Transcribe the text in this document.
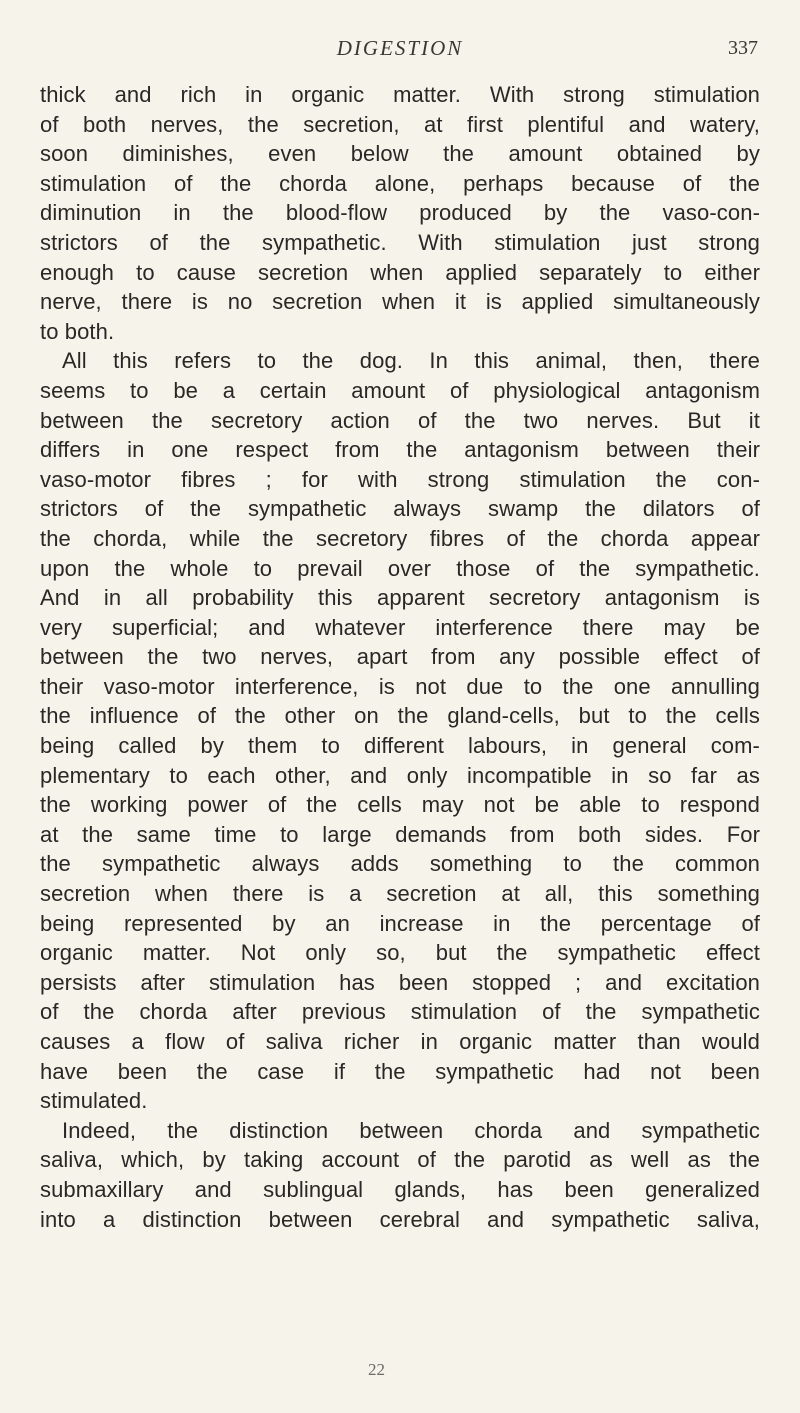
DIGESTION	337
thick and rich in organic matter. With strong stimulation
of both nerves, the secretion, at first plentiful and watery,
soon diminishes, even below the amount obtained by
stimulation of the chorda alone, perhaps because of the
diminution in the blood-flow produced by the vaso-con-
strictors of the sympathetic. With stimulation just strong
enough to cause secretion when applied separately to either
nerve, there is no secretion when it is applied simultaneously
to both.
All this refers to the dog. In this animal, then, there
seems to be a certain amount of physiological antagonism
between the secretory action of the two nerves. But it
differs in one respect from the antagonism between their
vaso-motor fibres ; for with strong stimulation the con-
strictors of the sympathetic always swamp the dilators of
the chorda, while the secretory fibres of the chorda appear
upon the whole to prevail over those of the sympathetic.
And in all probability this apparent secretory antagonism is
very superficial; and whatever interference there may be
between the two nerves, apart from any possible effect of
their vaso-motor interference, is not due to the one annulling
the influence of the other on the gland-cells, but to the cells
being called by them to different labours, in general com-
plementary to each other, and only incompatible in so far as
the working power of the cells may not be able to respond
at the same time to large demands from both sides. For
the sympathetic always adds something to the common
secretion when there is a secretion at all, this something
being represented by an increase in the percentage of
organic matter. Not only so, but the sympathetic effect
persists after stimulation has been stopped ; and excitation
of the chorda after previous stimulation of the sympathetic
causes a flow of saliva richer in organic matter than would
have been the case if the sympathetic had not been
stimulated.
Indeed, the distinction between chorda and sympathetic
saliva, which, by taking account of the parotid as well as the
submaxillary and sublingual glands, has been generalized
into a distinction between cerebral and sympathetic saliva,
22
